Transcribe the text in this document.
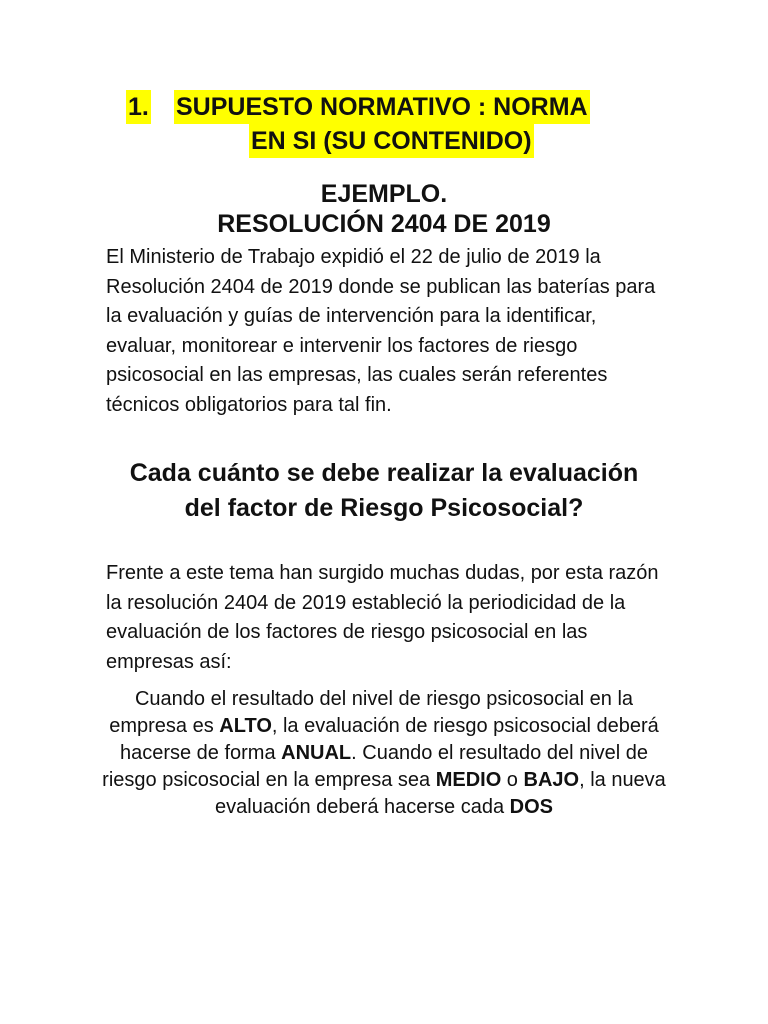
1. SUPUESTO NORMATIVO : NORMA
EN SI (SU CONTENIDO)
EJEMPLO.
RESOLUCIÓN 2404 DE 2019

El Ministerio de Trabajo expidió el 22 de julio de 2019 la Resolución 2404 de 2019 donde se publican las baterías para la evaluación y guías de intervención para la identificar, evaluar, monitorear e intervenir los factores de riesgo psicosocial en las empresas, las cuales serán referentes técnicos obligatorios para tal fin.

Cada cuánto se debe realizar la evaluación del factor de Riesgo Psicosocial?

Frente a este tema han surgido muchas dudas, por esta razón la resolución 2404 de 2019 estableció la periodicidad de la evaluación de los factores de riesgo psicosocial en las empresas así:

Cuando el resultado del nivel de riesgo psicosocial en la empresa es ALTO, la evaluación de riesgo psicosocial deberá hacerse de forma ANUAL. Cuando el resultado del nivel de riesgo psicosocial en la empresa sea MEDIO o BAJO, la nueva evaluación deberá hacerse cada DOS
